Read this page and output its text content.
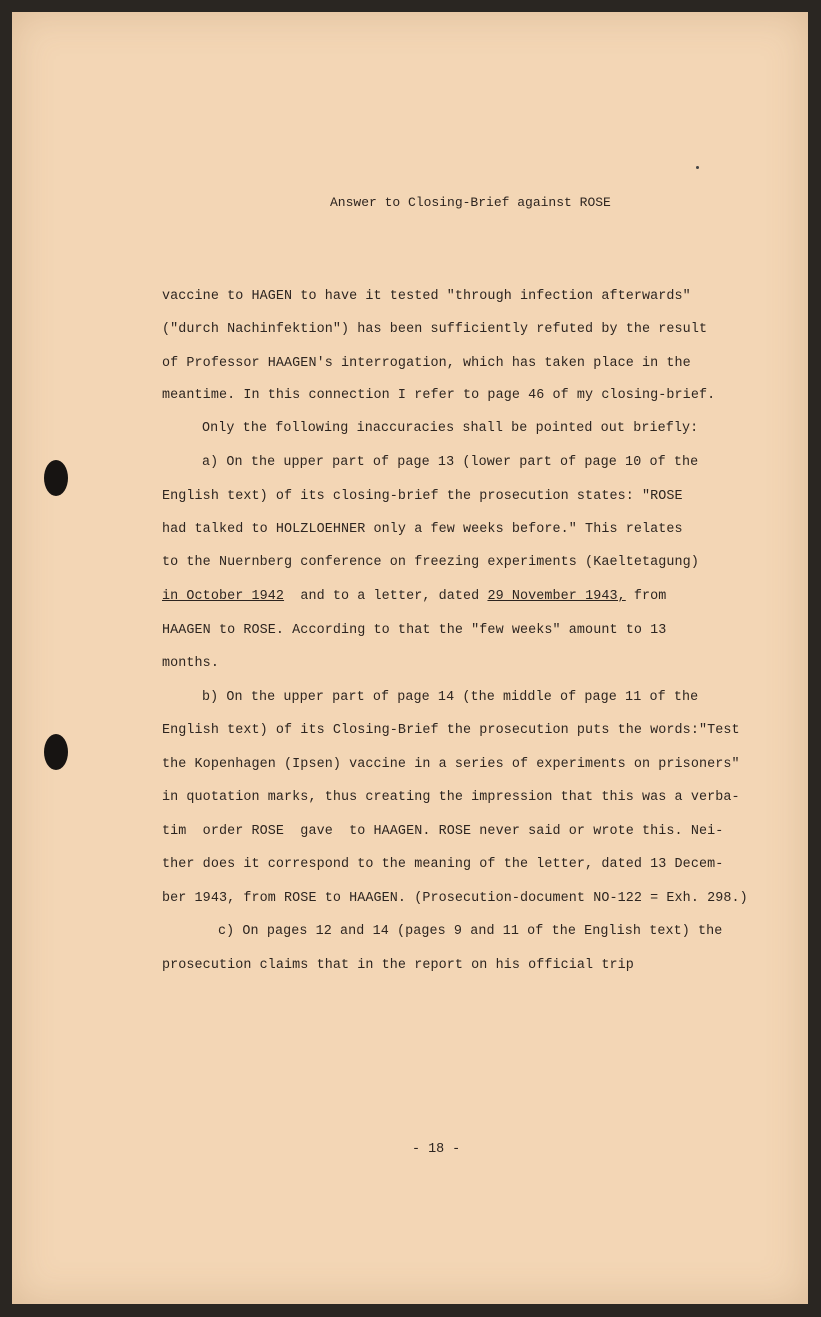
Answer to Closing-Brief against ROSE
vaccine to HAGEN to have it tested "through infection afterwards"
("durch Nachinfektion") has been sufficiently refuted by the result
of Professor HAAGEN's interrogation, which has taken place in the
meantime. In this connection I refer to page 46 of my closing-brief.
Only the following inaccuracies shall be pointed out briefly:
a) On the upper part of page 13 (lower part of page 10 of the
English text) of its closing-brief the prosecution states: "ROSE
had talked to HOLZLOEHNER only a few weeks before." This relates
to the Nuernberg conference on freezing experiments (Kaeltetagung)
in October 1942  and to a letter, dated 29 November 1943, from
HAAGEN to ROSE. According to that the "few weeks" amount to 13
months.
b) On the upper part of page 14 (the middle of page 11 of the
English text) of its Closing-Brief the prosecution puts the words:"Test
the Kopenhagen (Ipsen) vaccine in a series of experiments on prisoners"
in quotation marks, thus creating the impression that this was a verba-
tim  order ROSE  gave  to HAAGEN. ROSE never said or wrote this. Nei-
ther does it correspond to the meaning of the letter, dated 13 Decem-
ber 1943, from ROSE to HAAGEN. (Prosecution-document NO-122 = Exh. 298.)
c) On pages 12 and 14 (pages 9 and 11 of the English text) the
prosecution claims that in the report on his official trip
- 18 -
